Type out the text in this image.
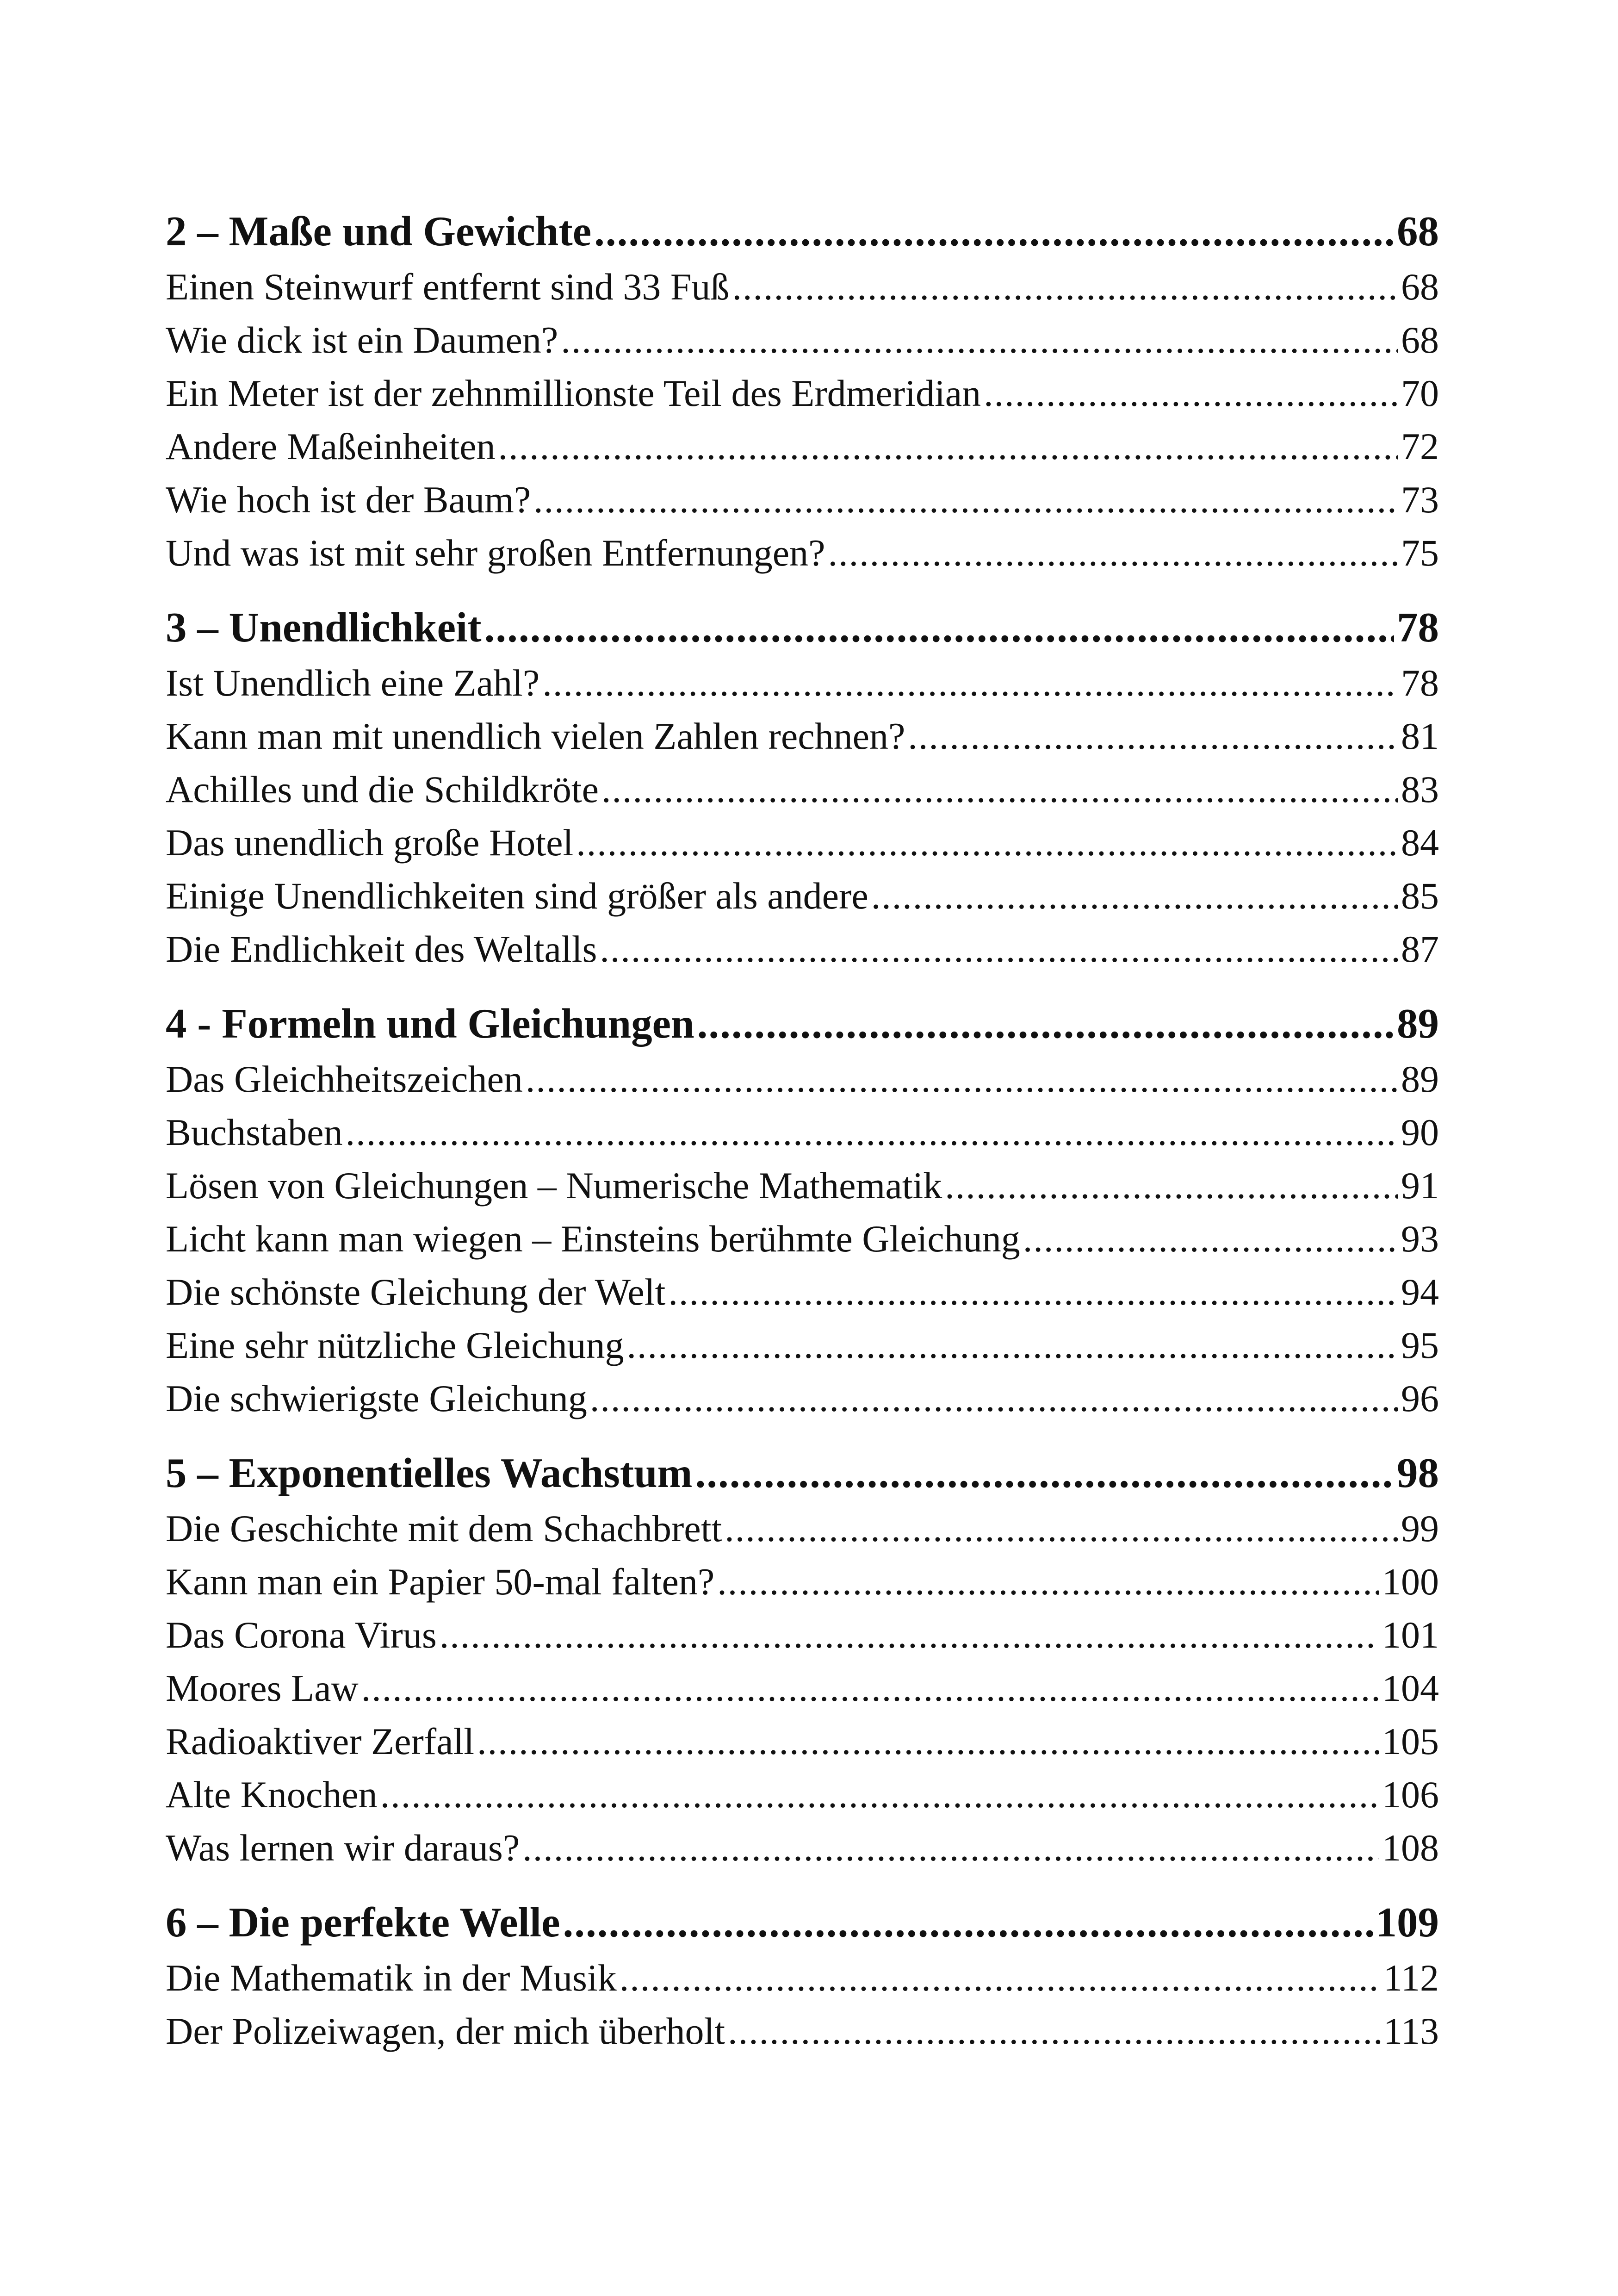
2 – Maße und Gewichte .....	68
Einen Steinwurf entfernt sind 33 Fuß .....	68
Wie dick ist ein Daumen? .....	68
Ein Meter ist der zehnmillionste Teil des Erdmeridian .....	70
Andere Maßeinheiten .....	72
Wie hoch ist der Baum? .....	73
Und was ist mit sehr großen Entfernungen? .....	75
3 – Unendlichkeit .....	78
Ist Unendlich eine Zahl? .....	78
Kann man mit unendlich vielen Zahlen rechnen? .....	81
Achilles und die Schildkröte .....	83
Das unendlich große Hotel .....	84
Einige Unendlichkeiten sind größer als andere .....	85
Die Endlichkeit des Weltalls .....	87
4 - Formeln und Gleichungen .....	89
Das Gleichheitszeichen .....	89
Buchstaben .....	90
Lösen von Gleichungen – Numerische Mathematik .....	91
Licht kann man wiegen – Einsteins berühmte Gleichung .....	93
Die schönste Gleichung der Welt .....	94
Eine sehr nützliche Gleichung .....	95
Die schwierigste Gleichung .....	96
5 – Exponentielles Wachstum .....	98
Die Geschichte mit dem Schachbrett .....	99
Kann man ein Papier 50-mal falten? .....	100
Das Corona Virus .....	101
Moores Law .....	104
Radioaktiver Zerfall .....	105
Alte Knochen .....	106
Was lernen wir daraus? .....	108
6 – Die perfekte Welle .....	109
Die Mathematik in der Musik .....	112
Der Polizeiwagen, der mich überholt .....	113
